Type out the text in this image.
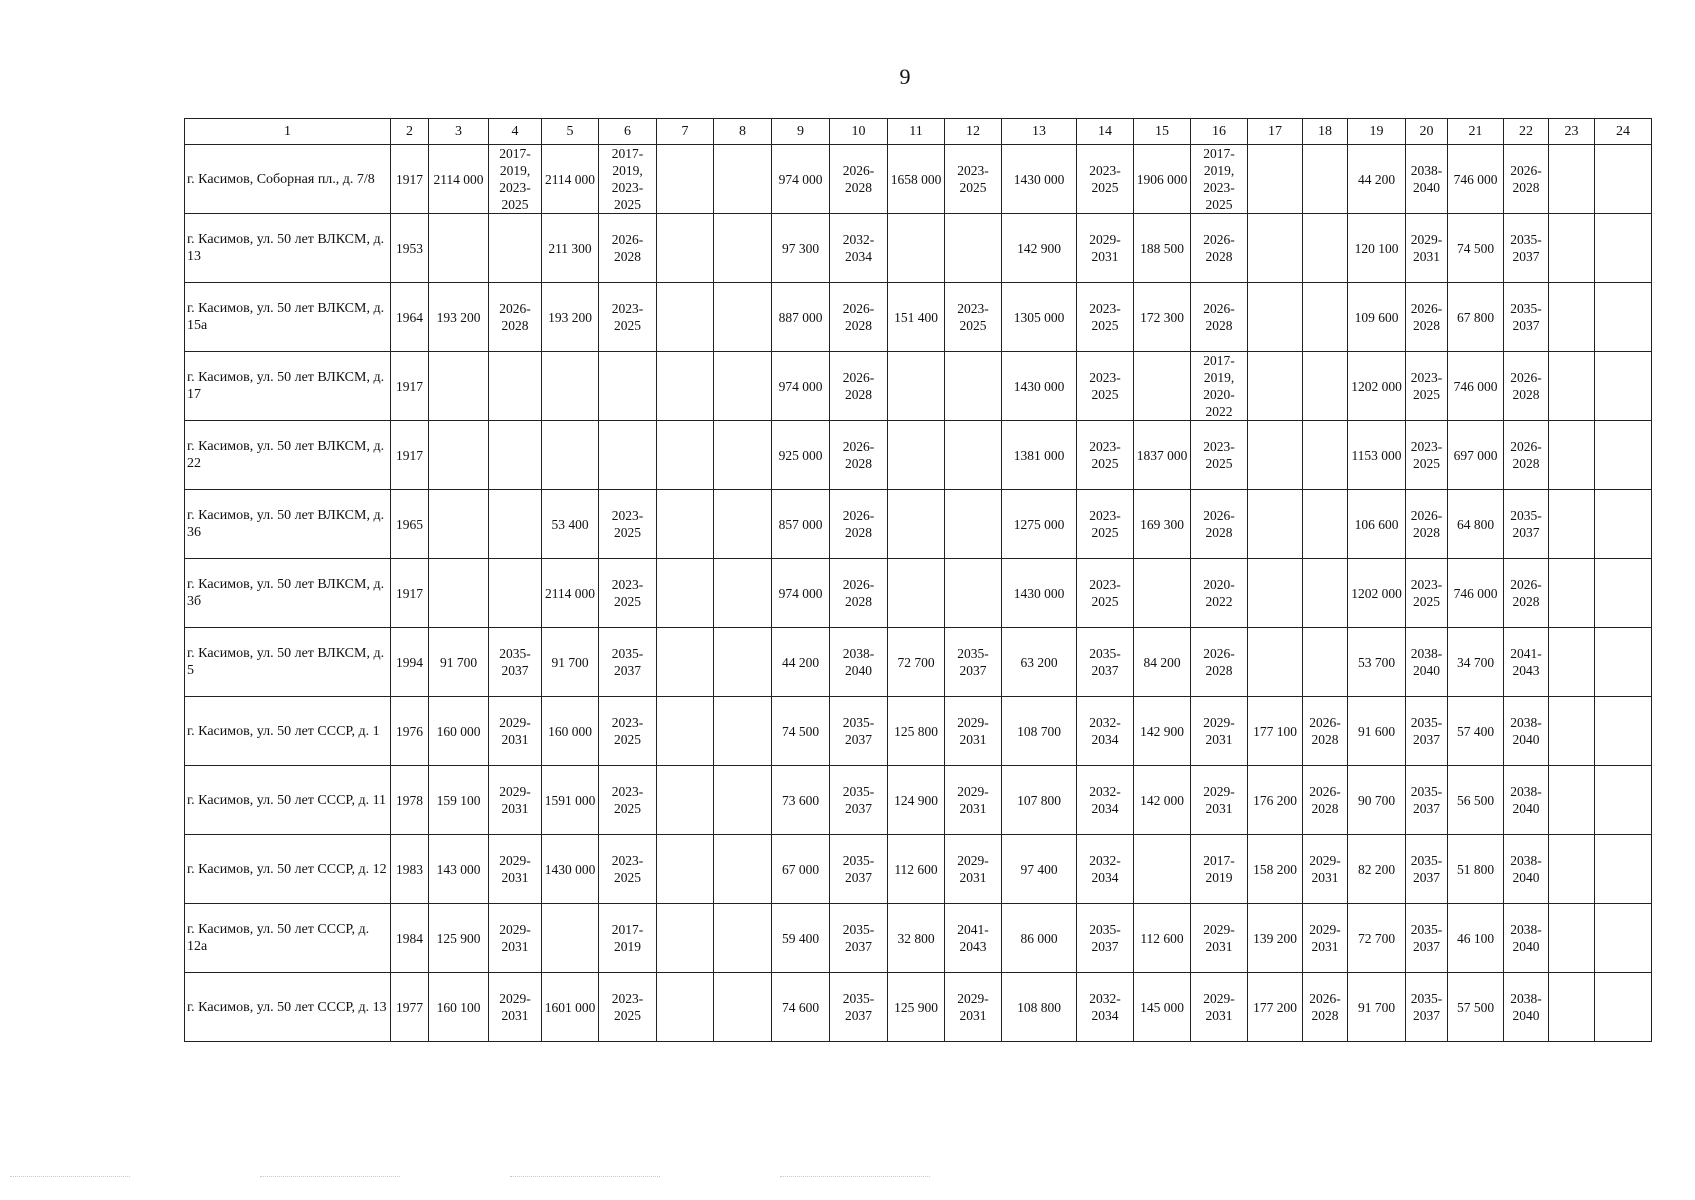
9
1	2	3	4	5	6	7	8	9	10	11	12	13	14	15	16	17	18	19	20	21	22	23	24
г. Касимов, Соборная пл., д. 7/8	1917	2114 000	2017-2019, 2023-2025	2114 000	2017-2019, 2023-2025			974 000	2026-2028	1658 000	2023-2025	1430 000	2023-2025	1906 000	2017-2019, 2023-2025			44 200	2038-2040	746 000	2026-2028		
г. Касимов, ул. 50 лет ВЛКСМ, д. 13	1953			211 300	2026-2028			97 300	2032-2034			142 900	2029-2031	188 500	2026-2028			120 100	2029-2031	74 500	2035-2037		
г. Касимов, ул. 50 лет ВЛКСМ, д. 15а	1964	193 200	2026-2028	193 200	2023-2025			887 000	2026-2028	151 400	2023-2025	1305 000	2023-2025	172 300	2026-2028			109 600	2026-2028	67 800	2035-2037		
г. Касимов, ул. 50 лет ВЛКСМ, д. 17	1917							974 000	2026-2028			1430 000	2023-2025		2017-2019, 2020-2022			1202 000	2023-2025	746 000	2026-2028		
г. Касимов, ул. 50 лет ВЛКСМ, д. 22	1917							925 000	2026-2028			1381 000	2023-2025	1837 000	2023-2025			1153 000	2023-2025	697 000	2026-2028		
г. Касимов, ул. 50 лет ВЛКСМ, д. 36	1965			53 400	2023-2025			857 000	2026-2028			1275 000	2023-2025	169 300	2026-2028			106 600	2026-2028	64 800	2035-2037		
г. Касимов, ул. 50 лет ВЛКСМ, д. 3б	1917			2114 000	2023-2025			974 000	2026-2028			1430 000	2023-2025		2020-2022			1202 000	2023-2025	746 000	2026-2028		
г. Касимов, ул. 50 лет ВЛКСМ, д. 5	1994	91 700	2035-2037	91 700	2035-2037			44 200	2038-2040	72 700	2035-2037	63 200	2035-2037	84 200	2026-2028			53 700	2038-2040	34 700	2041-2043		
г. Касимов, ул. 50 лет СССР, д. 1	1976	160 000	2029-2031	160 000	2023-2025			74 500	2035-2037	125 800	2029-2031	108 700	2032-2034	142 900	2029-2031	177 100	2026-2028	91 600	2035-2037	57 400	2038-2040		
г. Касимов, ул. 50 лет СССР, д. 11	1978	159 100	2029-2031	1591 000	2023-2025			73 600	2035-2037	124 900	2029-2031	107 800	2032-2034	142 000	2029-2031	176 200	2026-2028	90 700	2035-2037	56 500	2038-2040		
г. Касимов, ул. 50 лет СССР, д. 12	1983	143 000	2029-2031	1430 000	2023-2025			67 000	2035-2037	112 600	2029-2031	97 400	2032-2034		2017-2019	158 200	2029-2031	82 200	2035-2037	51 800	2038-2040		
г. Касимов, ул. 50 лет СССР, д. 12а	1984	125 900	2029-2031		2017-2019			59 400	2035-2037	32 800	2041-2043	86 000	2035-2037	112 600	2029-2031	139 200	2029-2031	72 700	2035-2037	46 100	2038-2040		
г. Касимов, ул. 50 лет СССР, д. 13	1977	160 100	2029-2031	1601 000	2023-2025			74 600	2035-2037	125 900	2029-2031	108 800	2032-2034	145 000	2029-2031	177 200	2026-2028	91 700	2035-2037	57 500	2038-2040		
